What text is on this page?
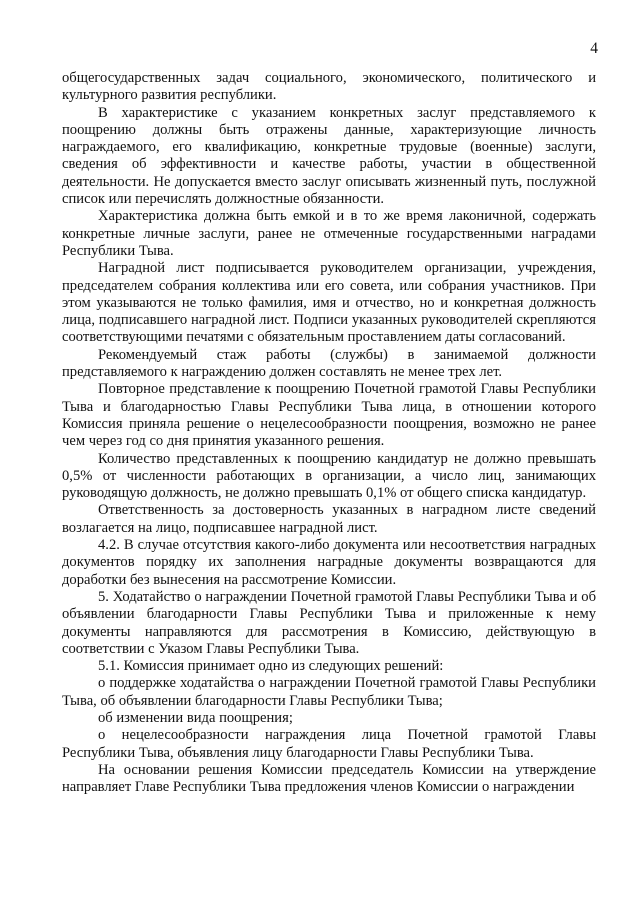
4

общегосударственных задач социального, экономического, политического и культурного развития республики.

В характеристике с указанием конкретных заслуг представляемого к поощрению должны быть отражены данные, характеризующие личность награждаемого, его квалификацию, конкретные трудовые (военные) заслуги, сведения об эффективности и качестве работы, участии в общественной деятельности. Не допускается вместо заслуг описывать жизненный путь, послужной список или перечислять должностные обязанности.

Характеристика должна быть емкой и в то же время лаконичной, содержать конкретные личные заслуги, ранее не отмеченные государственными наградами Республики Тыва.

Наградной лист подписывается руководителем организации, учреждения, председателем собрания коллектива или его совета, или собрания участников. При этом указываются не только фамилия, имя и отчество, но и конкретная должность лица, подписавшего наградной лист. Подписи указанных руководителей скрепляются соответствующими печатями с обязательным проставлением даты согласований.

Рекомендуемый стаж работы (службы) в занимаемой должности представляемого к награждению должен составлять не менее трех лет.

Повторное представление к поощрению Почетной грамотой Главы Республики Тыва и благодарностью Главы Республики Тыва лица, в отношении которого Комиссия приняла решение о нецелесообразности поощрения, возможно не ранее чем через год со дня принятия указанного решения.

Количество представленных к поощрению кандидатур не должно превышать 0,5% от численности работающих в организации, а число лиц, занимающих руководящую должность, не должно превышать 0,1% от общего списка кандидатур.

Ответственность за достоверность указанных в наградном листе сведений возлагается на лицо, подписавшее наградной лист.

4.2. В случае отсутствия какого-либо документа или несоответствия наградных документов порядку их заполнения наградные документы возвращаются для доработки без вынесения на рассмотрение Комиссии.

5. Ходатайство о награждении Почетной грамотой Главы Республики Тыва и об объявлении благодарности Главы Республики Тыва и приложенные к нему документы направляются для рассмотрения в Комиссию, действующую в соответствии с Указом Главы Республики Тыва.

5.1. Комиссия принимает одно из следующих решений:

о поддержке ходатайства о награждении Почетной грамотой Главы Республики Тыва, об объявлении благодарности Главы Республики Тыва;

об изменении вида поощрения;

о нецелесообразности награждения лица Почетной грамотой Главы Республики Тыва, объявления лицу благодарности Главы Республики Тыва.

На основании решения Комиссии председатель Комиссии на утверждение направляет Главе Республики Тыва предложения членов Комиссии о награждении
